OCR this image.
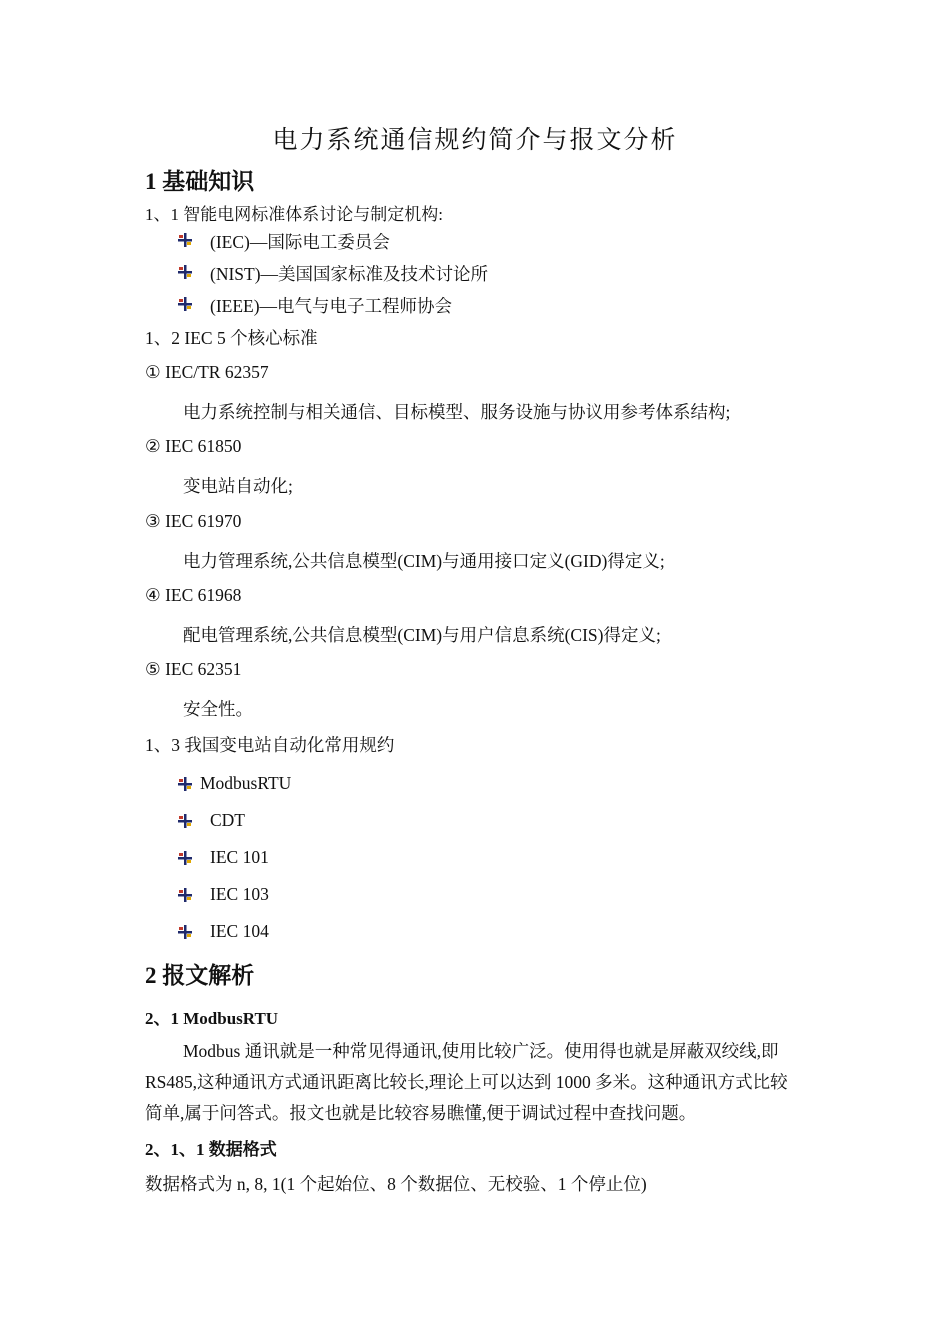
电力系统通信规约简介与报文分析
1 基础知识
1、1 智能电网标准体系讨论与制定机构:
(IEC)—国际电工委员会
(NIST)—美国国家标准及技术讨论所
(IEEE)—电气与电子工程师协会
1、2 IEC 5 个核心标准
① IEC/TR 62357
电力系统控制与相关通信、目标模型、服务设施与协议用参考体系结构;
② IEC 61850
变电站自动化;
③ IEC 61970
电力管理系统,公共信息模型(CIM)与通用接口定义(GID)得定义;
④ IEC 61968
配电管理系统,公共信息模型(CIM)与用户信息系统(CIS)得定义;
⑤ IEC 62351
安全性。
1、3 我国变电站自动化常用规约
ModbusRTU
CDT
IEC 101
IEC 103
IEC 104
2 报文解析
2、1 ModbusRTU
Modbus 通讯就是一种常见得通讯,使用比较广泛。使用得也就是屏蔽双绞线,即 RS485,这种通讯方式通讯距离比较长,理论上可以达到 1000 多米。这种通讯方式比较简单,属于问答式。报文也就是比较容易瞧懂,便于调试过程中查找问题。
2、1、1 数据格式
数据格式为 n, 8, 1(1 个起始位、8 个数据位、无校验、1 个停止位)
